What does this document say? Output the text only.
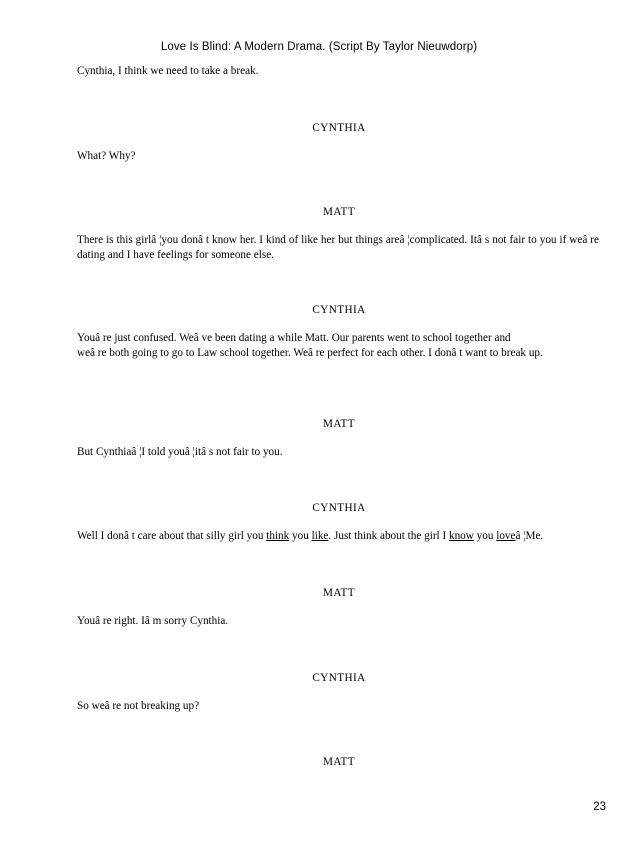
Love Is Blind: A Modern Drama. (Script By Taylor Nieuwdorp)
Cynthia, I think we need to take a break.
CYNTHIA
What? Why?
MATT
There is this girlâ ¦you donâ t know her. I kind of like her but things areâ ¦complicated. Itâ s not fair to you if weâ re dating and I have feelings for someone else.
CYNTHIA
Youâ re just confused. Weâ ve been dating a while Matt. Our parents went to school together and
weâ re both going to go to Law school together. Weâ re perfect for each other. I donâ t want to break up.
MATT
But Cynthiaâ ¦I told youâ ¦itâ s not fair to you.
CYNTHIA
Well I donâ t care about that silly girl you think you like. Just think about the girl I know you loveâ ¦Me.
MATT
Youâ re right. Iâ m sorry Cynthia.
CYNTHIA
So weâ re not breaking up?
MATT
23
